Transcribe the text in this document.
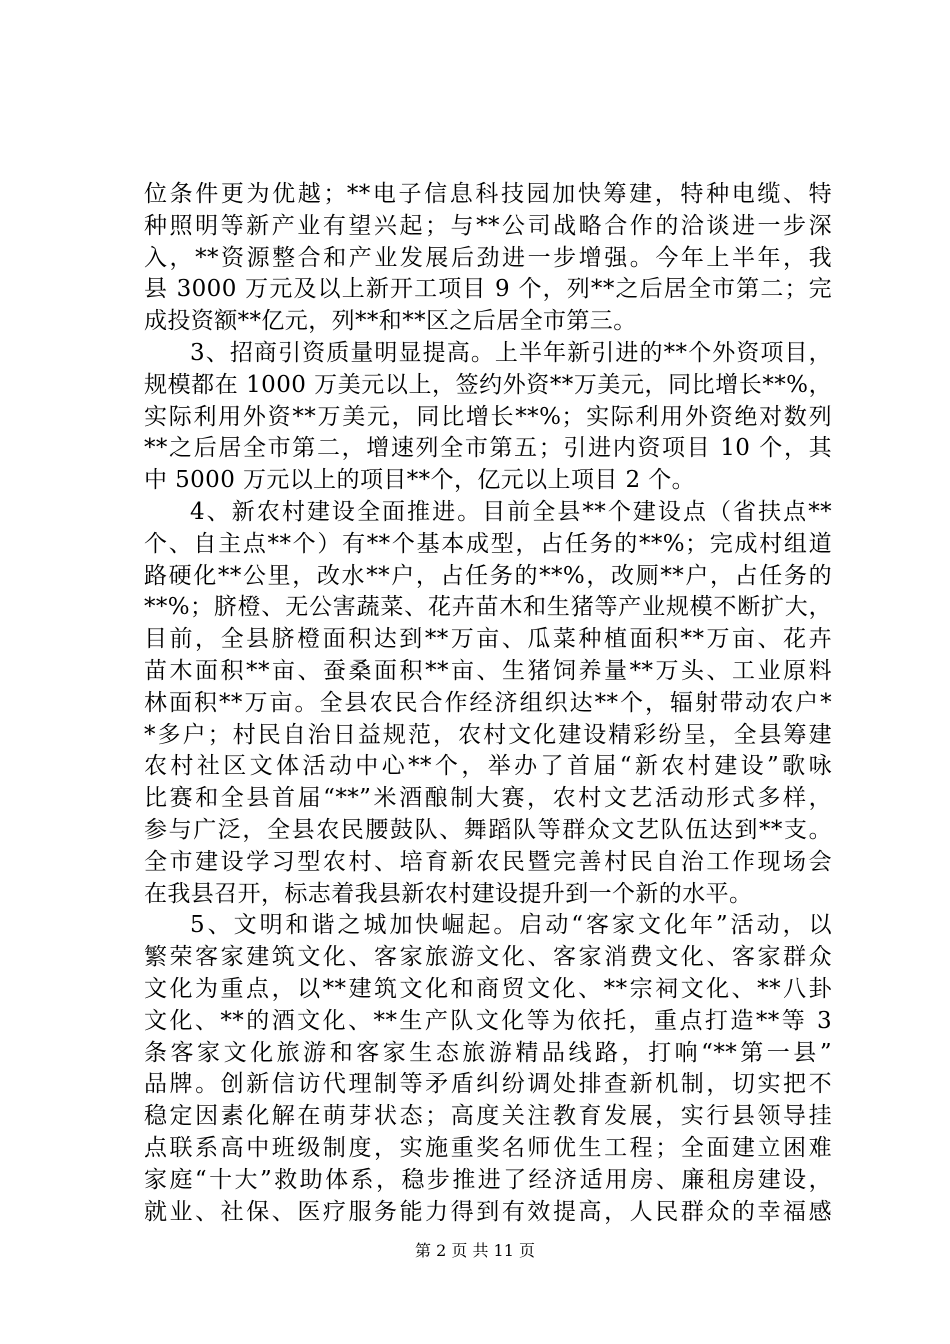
位条件更为优越；**电子信息科技园加快筹建，特种电缆、特
种照明等新产业有望兴起；与**公司战略合作的洽谈进一步深
入，**资源整合和产业发展后劲进一步增强。今年上半年，我
县 3000 万元及以上新开工项目 9 个，列**之后居全市第二；完
成投资额**亿元，列**和**区之后居全市第三。
3、招商引资质量明显提高。上半年新引进的**个外资项目，
规模都在 1000 万美元以上，签约外资**万美元，同比增长**%，
实际利用外资**万美元，同比增长**%；实际利用外资绝对数列
**之后居全市第二，增速列全市第五；引进内资项目 10 个，其
中 5000 万元以上的项目**个，亿元以上项目 2 个。
4、新农村建设全面推进。目前全县**个建设点（省扶点**
个、自主点**个）有**个基本成型，占任务的**%；完成村组道
路硬化**公里，改水**户，占任务的**%，改厕**户，占任务的
**%；脐橙、无公害蔬菜、花卉苗木和生猪等产业规模不断扩大，
目前，全县脐橙面积达到**万亩、瓜菜种植面积**万亩、花卉
苗木面积**亩、蚕桑面积**亩、生猪饲养量**万头、工业原料
林面积**万亩。全县农民合作经济组织达**个，辐射带动农户*
*多户；村民自治日益规范，农村文化建设精彩纷呈，全县筹建
农村社区文体活动中心**个，举办了首届“新农村建设”歌咏
比赛和全县首届“**”米酒酿制大赛，农村文艺活动形式多样，
参与广泛，全县农民腰鼓队、舞蹈队等群众文艺队伍达到**支。
全市建设学习型农村、培育新农民暨完善村民自治工作现场会
在我县召开，标志着我县新农村建设提升到一个新的水平。
5、文明和谐之城加快崛起。启动“客家文化年”活动，以
繁荣客家建筑文化、客家旅游文化、客家消费文化、客家群众
文化为重点，以**建筑文化和商贸文化、**宗祠文化、**八卦
文化、**的酒文化、**生产队文化等为依托，重点打造**等 3
条客家文化旅游和客家生态旅游精品线路，打响“**第一县”
品牌。创新信访代理制等矛盾纠纷调处排查新机制，切实把不
稳定因素化解在萌芽状态；高度关注教育发展，实行县领导挂
点联系高中班级制度，实施重奖名师优生工程；全面建立困难
家庭“十大”救助体系，稳步推进了经济适用房、廉租房建设，
就业、社保、医疗服务能力得到有效提高，人民群众的幸福感
第 2 页 共 11 页
